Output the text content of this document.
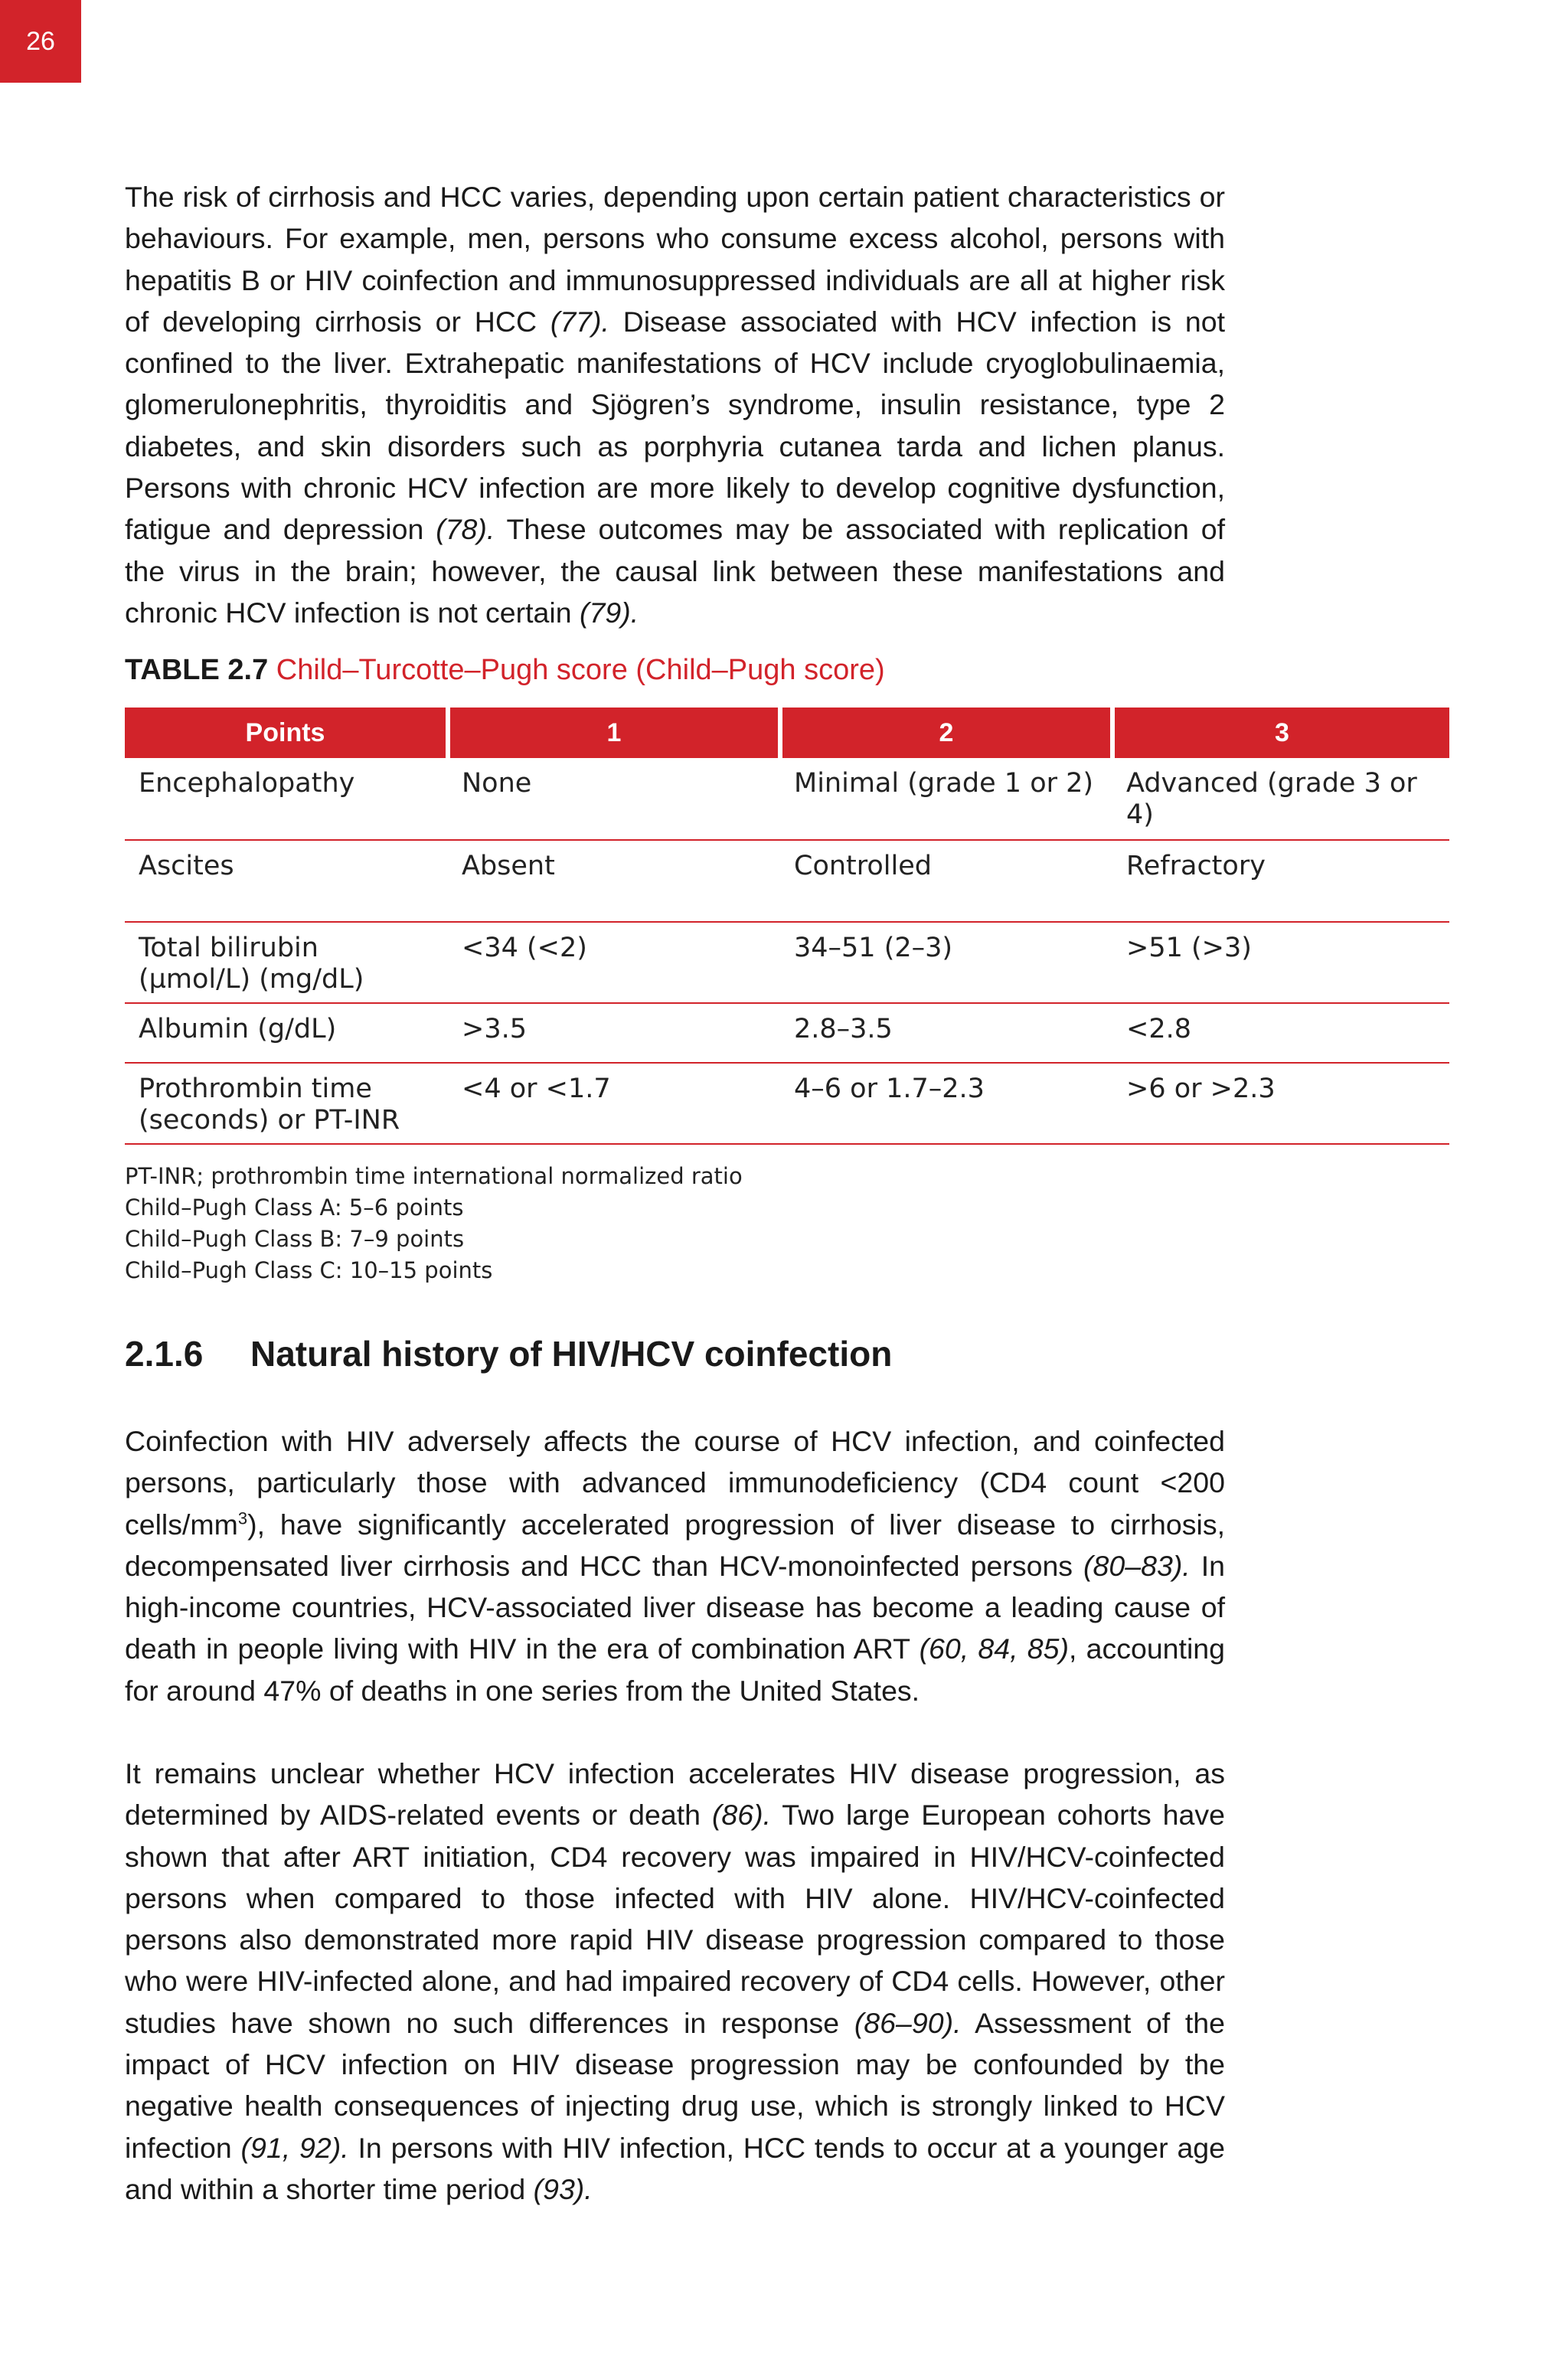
26

The risk of cirrhosis and HCC varies, depending upon certain patient characteristics or behaviours. For example, men, persons who consume excess alcohol, persons with hepatitis B or HIV coinfection and immunosuppressed individuals are all at higher risk of developing cirrhosis or HCC (77). Disease associated with HCV infection is not confined to the liver. Extrahepatic manifestations of HCV include cryoglobulinaemia, glomerulonephritis, thyroiditis and Sjögren’s syndrome, insulin resistance, type 2 diabetes, and skin disorders such as porphyria cutanea tarda and lichen planus. Persons with chronic HCV infection are more likely to develop cognitive dysfunction, fatigue and depression (78). These outcomes may be associated with replication of the virus in the brain; however, the causal link between these manifestations and chronic HCV infection is not certain (79).

TABLE 2.7 Child–Turcotte–Pugh score (Child–Pugh score)
Points	1	2	3
Encephalopathy	None	Minimal (grade 1 or 2)	Advanced (grade 3 or 4)
Ascites	Absent	Controlled	Refractory
Total bilirubin (µmol/L) (mg/dL)	<34 (<2)	34–51 (2–3)	>51 (>3)
Albumin (g/dL)	>3.5	2.8–3.5	<2.8
Prothrombin time (seconds) or PT-INR	<4 or <1.7	4–6 or 1.7–2.3	>6 or >2.3
PT-INR; prothrombin time international normalized ratio
Child–Pugh Class A: 5–6 points
Child–Pugh Class B: 7–9 points
Child–Pugh Class C: 10–15 points
2.1.6 Natural history of HIV/HCV coinfection

Coinfection with HIV adversely affects the course of HCV infection, and coinfected persons, particularly those with advanced immunodeficiency (CD4 count <200 cells/$mm^3$), have significantly accelerated progression of liver disease to cirrhosis, decompensated liver cirrhosis and HCC than HCV-monoinfected persons (80–83). In high-income countries, HCV-associated liver disease has become a leading cause of death in people living with HIV in the era of combination ART (60, 84, 85), accounting for around 47% of deaths in one series from the United States.

It remains unclear whether HCV infection accelerates HIV disease progression, as determined by AIDS-related events or death (86). Two large European cohorts have shown that after ART initiation, CD4 recovery was impaired in HIV/HCV-coinfected persons when compared to those infected with HIV alone. HIV/HCV-coinfected persons also demonstrated more rapid HIV disease progression compared to those who were HIV-infected alone, and had impaired recovery of CD4 cells. However, other studies have shown no such differences in response (86–90). Assessment of the impact of HCV infection on HIV disease progression may be confounded by the negative health consequences of injecting drug use, which is strongly linked to HCV infection (91, 92). In persons with HIV infection, HCC tends to occur at a younger age and within a shorter time period (93).
